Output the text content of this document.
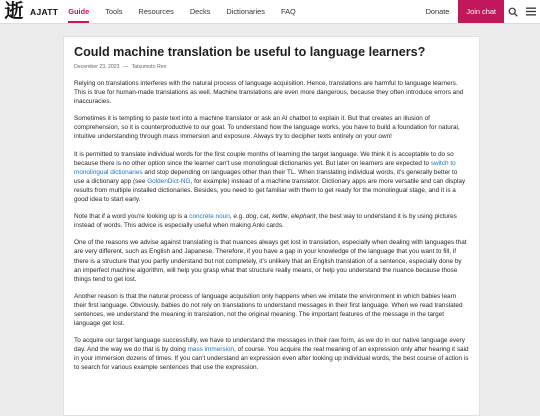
逝 AJATT Guide Tools Resources Decks Dictionaries FAQ	Donate	Join chat
Could machine translation be useful to language learners?
December 23, 2023 — Tatsumoto Ren

Relying on translations interferes with the natural process of language acquisition. Hence, translations are harmful to language learners. This is true for human-made translations as well. Machine translations are even more dangerous, because they often introduce errors and inaccuracies.

Sometimes it is tempting to paste text into a machine translator or ask an AI chatbot to explain it. But that creates an illusion of comprehension, so it is counterproductive to our goal. To understand how the language works, you have to build a foundation for natural, intuitive understanding through mass immersion and exposure. Always try to decipher texts entirely on your own!

It is permitted to translate individual words for the first couple months of learning the target language. We think it is acceptable to do so because there is no other option since the learner can't use monolingual dictionaries yet. But later on learners are expected to switch to monolingual dictionaries and stop depending on languages other than their TL. When translating individual words, it's generally better to use a dictionary app (see GoldenDict-NG, for example) instead of a machine translator. Dictionary apps are more versatile and can display results from multiple installed dictionaries. Besides, you need to get familiar with them to get ready for the monolingual stage, and it is a good idea to start early.

Note that if a word you're looking up is a concrete noun, e.g. dog, cat, kettle, elephant, the best way to understand it is by using pictures instead of words. This advice is especially useful when making Anki cards.

One of the reasons we advise against translating is that nuances always get lost in translation, especially when dealing with languages that are very different, such as English and Japanese. Therefore, if you have a gap in your knowledge of the language that you want to fill, if there is a structure that you partly understand but not completely, it's unlikely that an English translation of a sentence, especially done by an imperfect machine algorithm, will help you grasp what that structure really means, or help you understand the nuance because those things tend to get lost.

Another reason is that the natural process of language acquisition only happens when we imitate the environment in which babies learn their first language. Obviously, babies do not rely on translations to understand messages in their first language. When we read translated sentences, we understand the meaning in translation, not the original meaning. The important features of the message in the target language get lost.

To acquire our target language successfully, we have to understand the messages in their raw form, as we do in our native language every day. And the way we do that is by doing mass immersion, of course. You acquire the real meaning of an expression only after hearing it said in your immersion dozens of times. If you can't understand an expression even after looking up individual words, the best course of action is to search for various example sentences that use the expression.
